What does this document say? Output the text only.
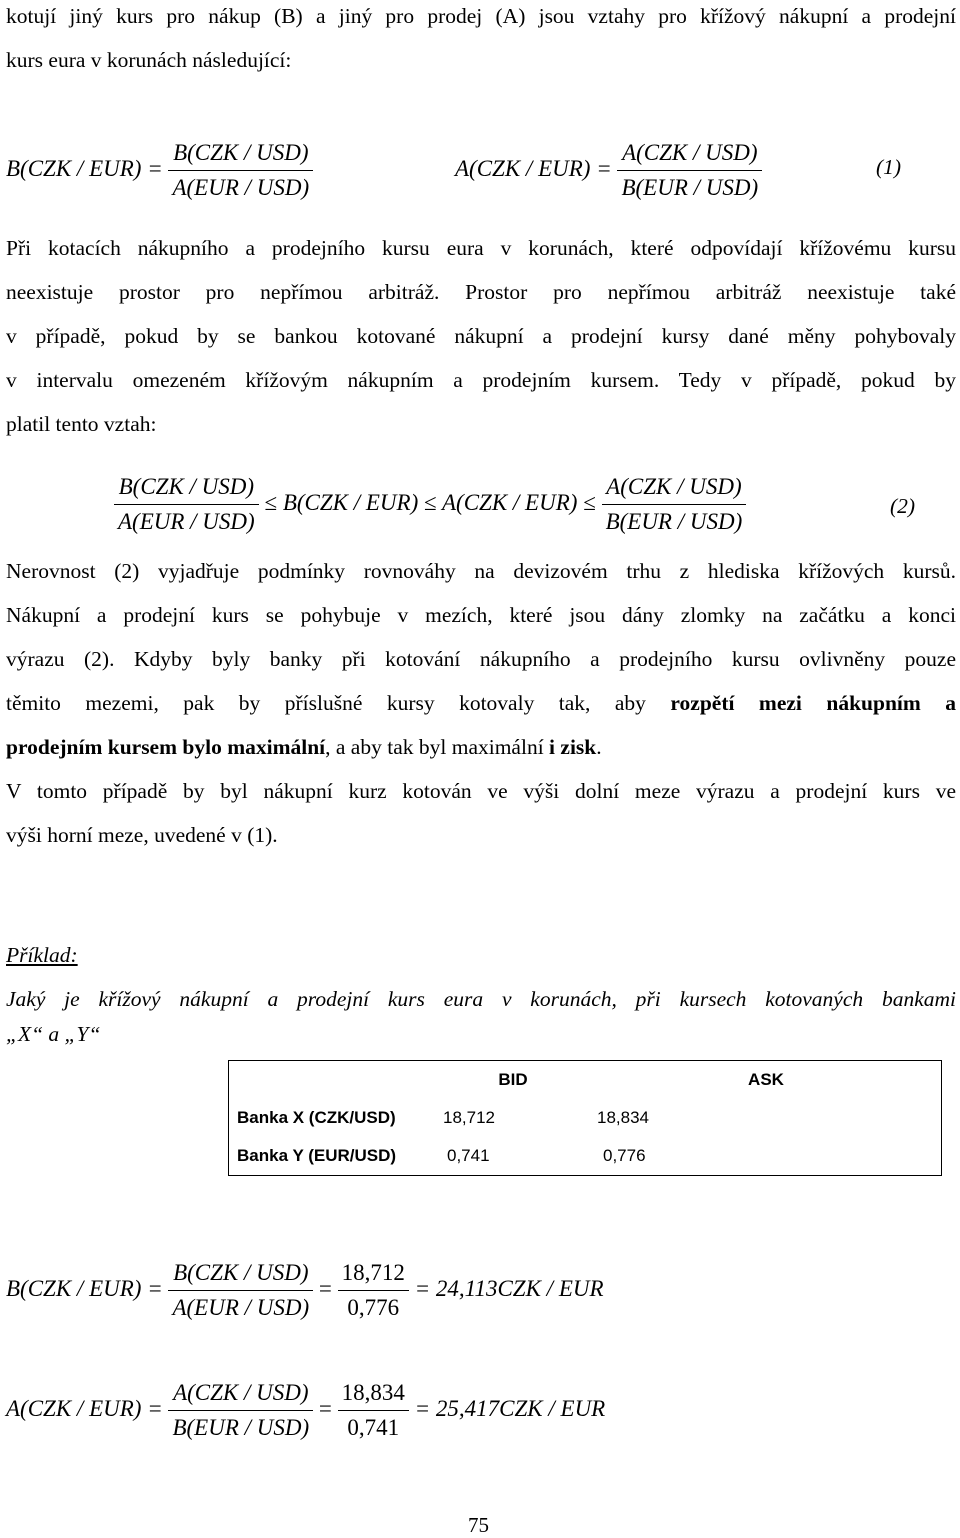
kotují jiný kurs pro nákup (B) a jiný pro prodej (A) jsou vztahy pro křížový nákupní a prodejní
kurs eura v korunách následující:
$B(CZK / EUR) = \frac{\text{B(CZK / USD)}}{\text{A(EUR / USD)}}$	$A(CZK / EUR) = \frac{\text{A(CZK / USD)}}{\text{B(EUR / USD)}}$	(1)
Při kotacích nákupního a prodejního kursu eura v korunách, které odpovídají křížovému kursu
neexistuje prostor pro nepřímou arbitráž. Prostor pro nepřímou arbitráž neexistuje také
v případě, pokud by se bankou kotované nákupní a prodejní kursy dané měny pohybovaly
v intervalu omezeném křížovým nákupním a prodejním kursem. Tedy v případě, pokud by
platil tento vztah:
$\frac{\text{B(CZK / USD)}}{\text{A(EUR / USD)}} \le B(CZK / EUR) \le A(CZK / EUR) \le \frac{\text{A(CZK / USD)}}{\text{B(EUR / USD)}}$	(2)
Nerovnost (2) vyjadřuje podmínky rovnováhy na devizovém trhu z hlediska křížových kursů.
Nákupní a prodejní kurs se pohybuje v mezích, které jsou dány zlomky na začátku a konci
výrazu (2). Kdyby byly banky při kotování nákupního a prodejního kursu ovlivněny pouze
těmito mezemi, pak by příslušné kursy kotovaly tak, aby rozpětí mezi nákupním a
prodejním kursem bylo maximální, a aby tak byl maximální i zisk.
V tomto případě by byl nákupní kurz kotován ve výši dolní meze výrazu a prodejní kurs ve
výši horní meze, uvedené v (1).
Příklad:
Jaký je křížový nákupní a prodejní kurs eura v korunách, při kursech kotovaných bankami
„X“ a „Y“
	BID	ASK
Banka X (CZK/USD)	18,712	18,834
Banka Y (EUR/USD)	0,741	0,776
$B(CZK / EUR) = \frac{\text{B(CZK / USD)}}{\text{A(EUR / USD)}} = \frac{18,712}{0,776} = 24,113CZK$ / EUR
$A(CZK / EUR) = \frac{\text{A(CZK / USD)}}{\text{B(EUR / USD)}} = \frac{18,834}{0,741} = 25,417CZK$ / EUR
75
